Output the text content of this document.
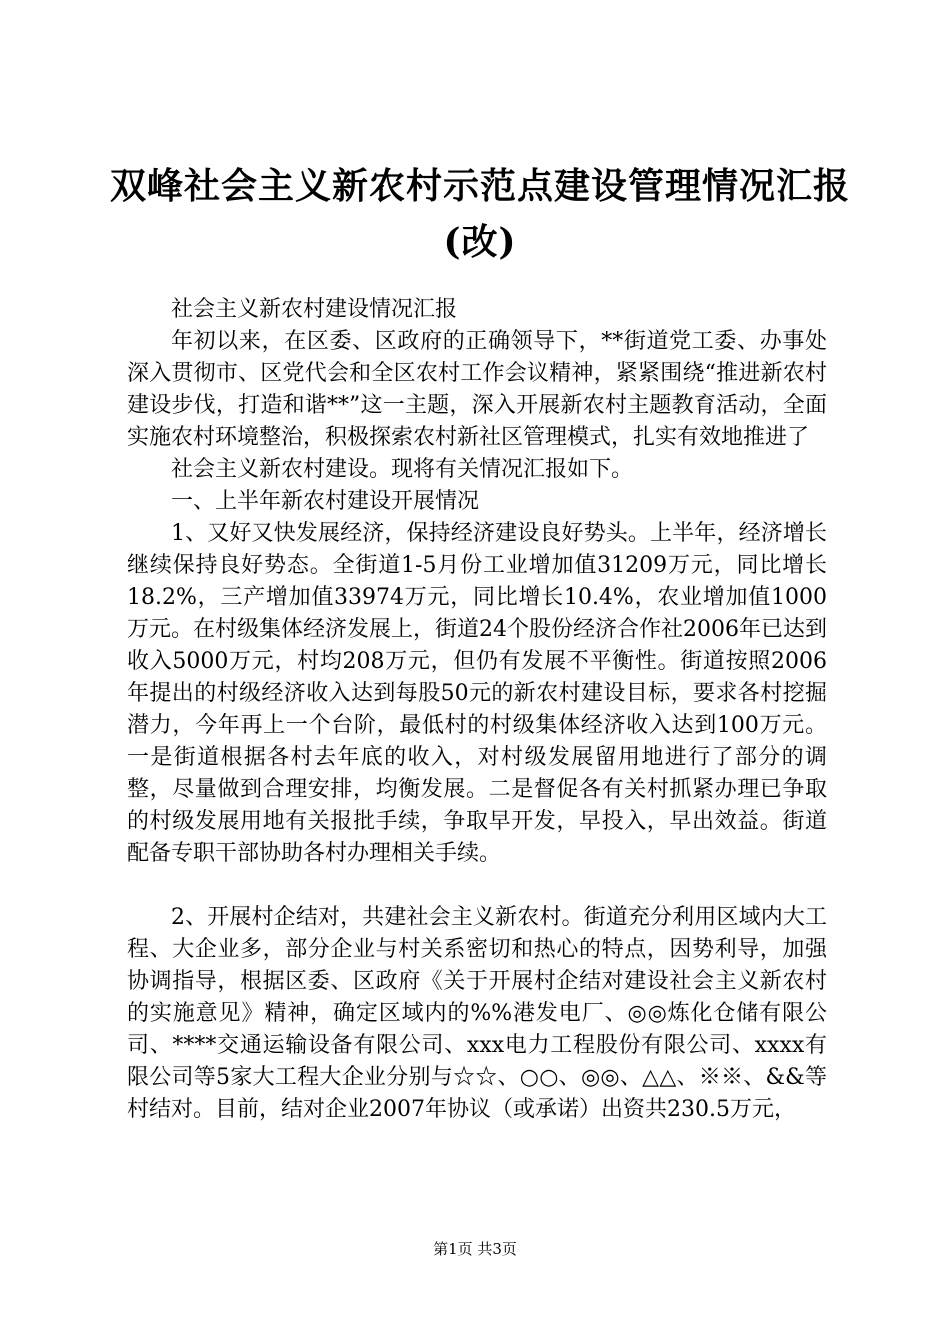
双峰社会主义新农村示范点建设管理情况汇报
(改)

社会主义新农村建设情况汇报

年初以来，在区委、区政府的正确领导下，**街道党工委、办事处深入贯彻市、区党代会和全区农村工作会议精神，紧紧围绕“推进新农村建设步伐，打造和谐**”这一主题，深入开展新农村主题教育活动，全面实施农村环境整治，积极探索农村新社区管理模式，扎实有效地推进了

社会主义新农村建设。现将有关情况汇报如下。

一、上半年新农村建设开展情况

1、又好又快发展经济，保持经济建设良好势头。上半年，经济增长继续保持良好势态。全街道1-5月份工业增加值31209万元，同比增长18.2%，三产增加值33974万元，同比增长10.4%，农业增加值1000万元。在村级集体经济发展上，街道24个股份经济合作社2006年已达到收入5000万元，村均208万元，但仍有发展不平衡性。街道按照2006年提出的村级经济收入达到每股50元的新农村建设目标，要求各村挖掘潜力，今年再上一个台阶，最低村的村级集体经济收入达到100万元。一是街道根据各村去年底的收入，对村级发展留用地进行了部分的调整，尽量做到合理安排，均衡发展。二是督促各有关村抓紧办理已争取的村级发展用地有关报批手续，争取早开发，早投入，早出效益。街道配备专职干部协助各村办理相关手续。

2、开展村企结对，共建社会主义新农村。街道充分利用区域内大工程、大企业多，部分企业与村关系密切和热心的特点，因势利导，加强协调指导，根据区委、区政府《关于开展村企结对建设社会主义新农村的实施意见》精神，确定区域内的%%港发电厂、◎◎炼化仓储有限公司、****交通运输设备有限公司、xxx电力工程股份有限公司、xxxx有限公司等5家大工程大企业分别与☆☆、○○、◎◎、△△、※※、&&等村结对。目前，结对企业2007年协议（或承诺）出资共230.5万元，

第1页 共3页
